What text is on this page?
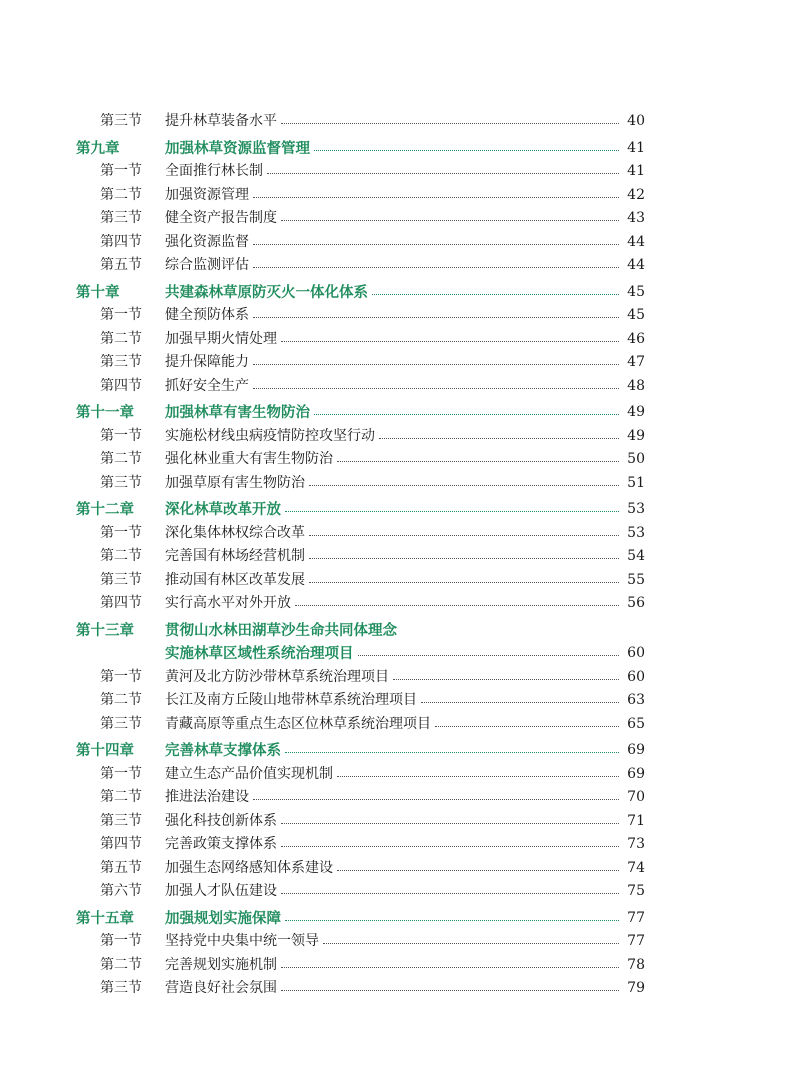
第三节 提升林草装备水平	40
第九章	加强林草资源监督管理	41
第一节 全面推行林长制	41
第二节 加强资源管理	42
第三节 健全资产报告制度	43
第四节 强化资源监督	44
第五节 综合监测评估	44
第十章	共建森林草原防灭火一体化体系	45
第一节 健全预防体系	45
第二节 加强早期火情处理	46
第三节 提升保障能力	47
第四节 抓好安全生产	48
第十一章 加强林草有害生物防治	49
第一节 实施松材线虫病疫情防控攻坚行动	49
第二节 强化林业重大有害生物防治	50
第三节 加强草原有害生物防治	51
第十二章 深化林草改革开放	53
第一节 深化集体林权综合改革	53
第二节 完善国有林场经营机制	54
第三节 推动国有林区改革发展	55
第四节 实行高水平对外开放	56
第十三章 贯彻山水林田湖草沙生命共同体理念
实施林草区域性系统治理项目	60
第一节 黄河及北方防沙带林草系统治理项目	60
第二节 长江及南方丘陵山地带林草系统治理项目	63
第三节 青藏高原等重点生态区位林草系统治理项目	65
第十四章 完善林草支撑体系	69
第一节 建立生态产品价值实现机制	69
第二节 推进法治建设	70
第三节 强化科技创新体系	71
第四节 完善政策支撑体系	73
第五节 加强生态网络感知体系建设	74
第六节 加强人才队伍建设	75
第十五章 加强规划实施保障	77
第一节 坚持党中央集中统一领导	77
第二节 完善规划实施机制	78
第三节 营造良好社会氛围	79
